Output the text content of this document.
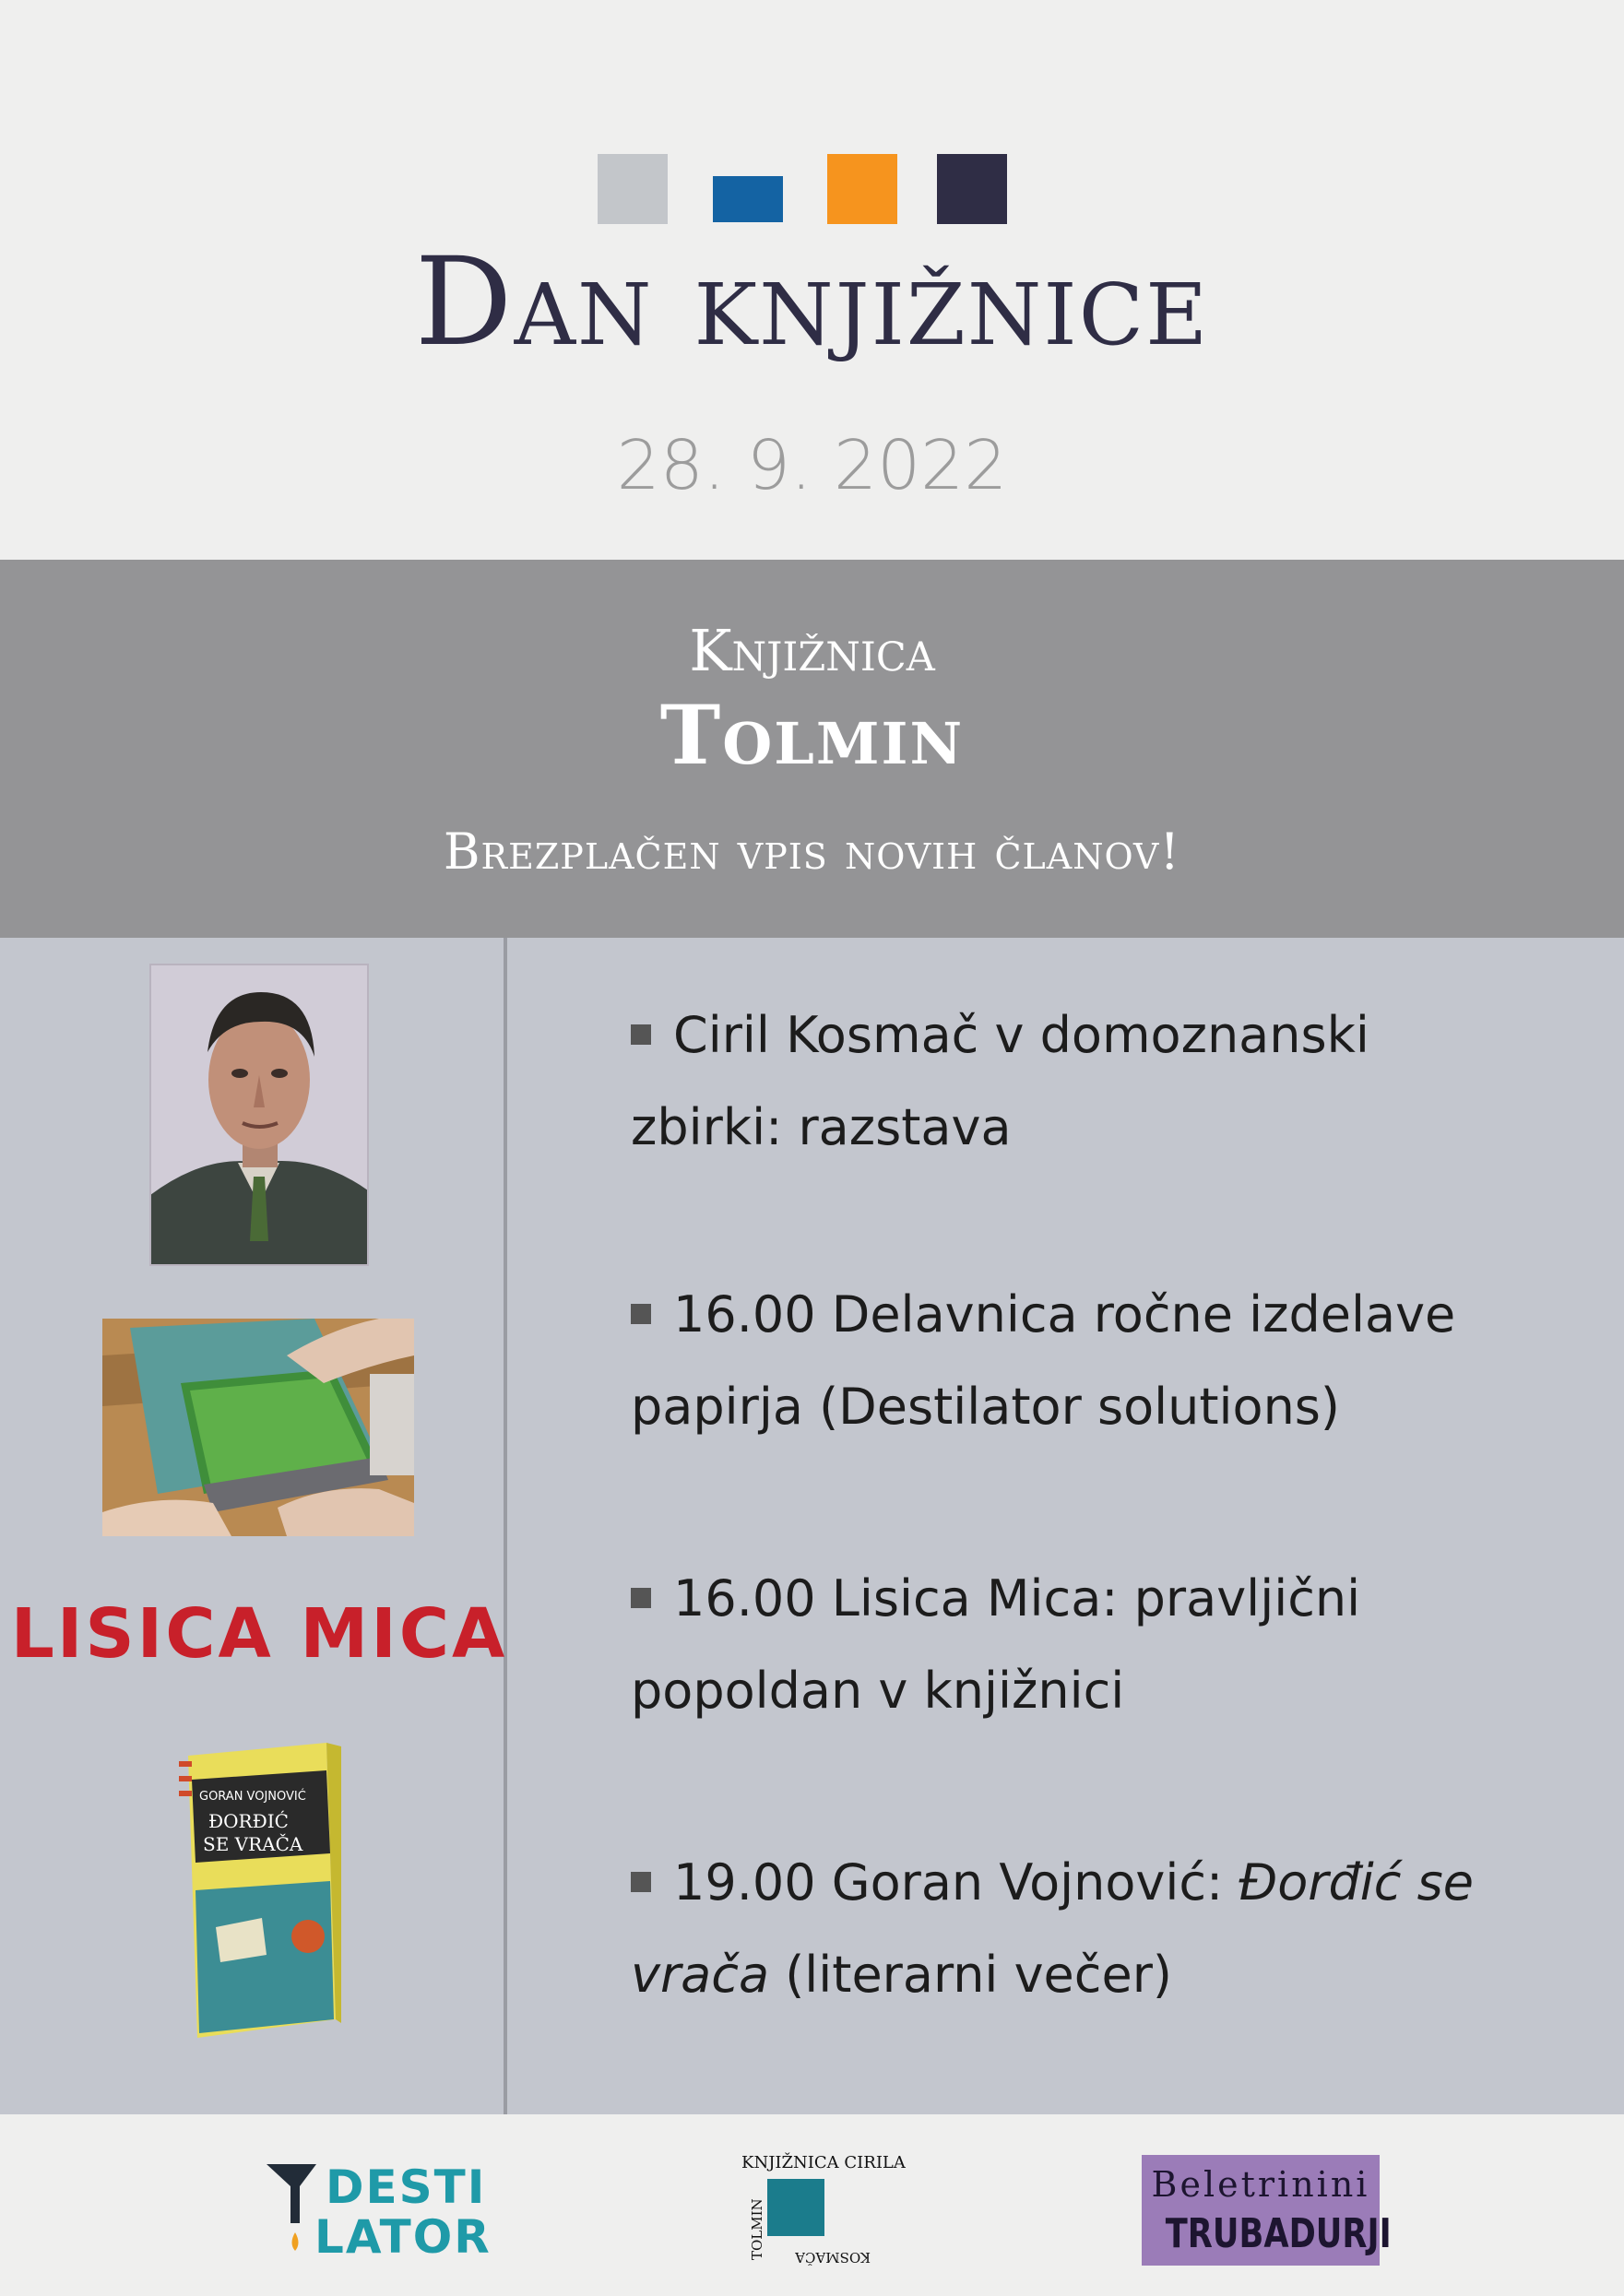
Dan knjižnice
28. 9. 2022
Knjižnica
Tolmin
Brezplačen vpis novih članov!
LISICA MICA
GORAN VOJNOVIĆ
ĐORĐIĆ
SE VRAČA
Ciril Kosmač v domoznanski
zbirki: razstava
16.00 Delavnica ročne izdelave
papirja (Destilator solutions)
16.00 Lisica Mica: pravljični
popoldan v knjižnici
19.00 Goran Vojnović: Đorđić se
vrača (literarni večer)
DESTI
LATOR
KNJIŽNICA CIRILA
TOLMIN KOSMAČA
Beletrinini
TRUBADURJI
